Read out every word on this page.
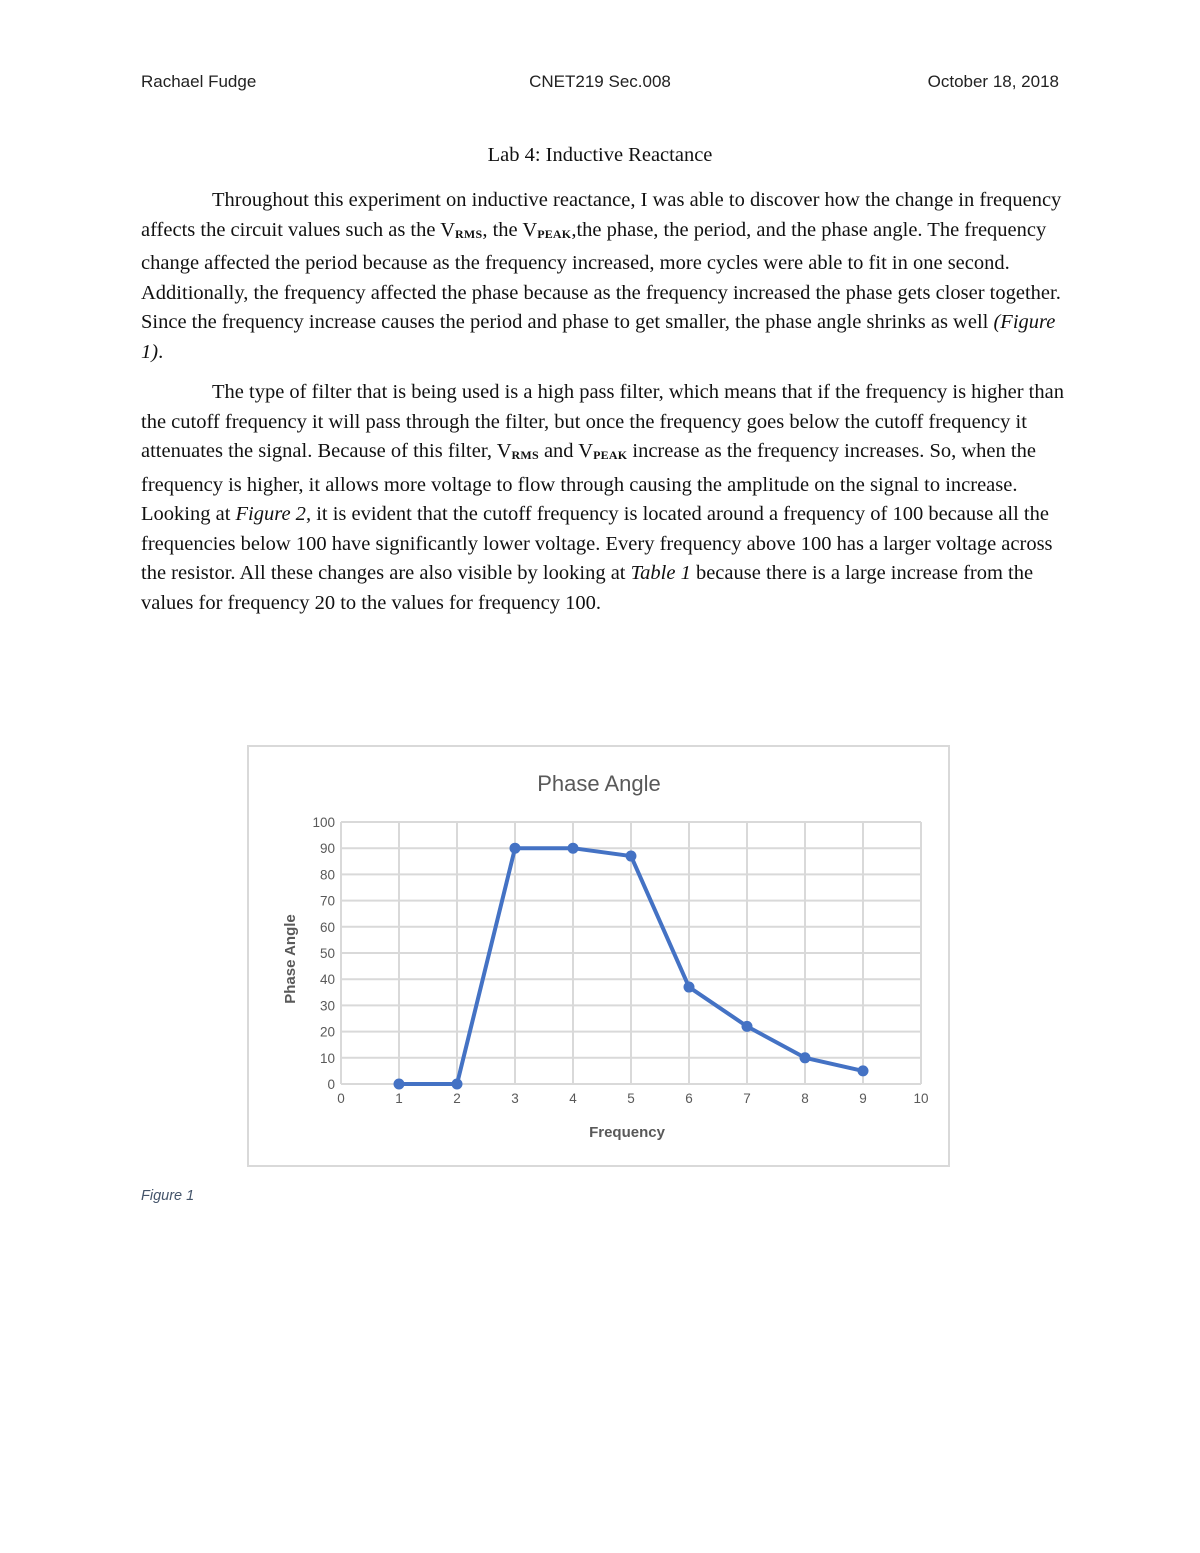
Rachael Fudge	CNET219 Sec.008	October 18, 2018
Lab 4: Inductive Reactance

Throughout this experiment on inductive reactance, I was able to discover how the change in frequency affects the circuit values such as the $V_{RMS}$, the $V_{PEAK},the$ phase, the period, and the phase angle. The frequency change affected the period because as the frequency increased, more cycles were able to fit in one second. Additionally, the frequency affected the phase because as the frequency increased the phase gets closer together. Since the frequency increase causes the period and phase to get smaller, the phase angle shrinks as well (Figure 1).

The type of filter that is being used is a high pass filter, which means that if the frequency is higher than the cutoff frequency it will pass through the filter, but once the frequency goes below the cutoff frequency it attenuates the signal. Because of this filter, $V_{RMS}$ and $V_{PEAK}$ increase as the frequency increases. So, when the frequency is higher, it allows more voltage to flow through causing the amplitude on the signal to increase. Looking at Figure 2, it is evident that the cutoff frequency is located around a frequency of 100 because all the frequencies below 100 have significantly lower voltage. Every frequency above 100 has a larger voltage across the resistor. All these changes are also visible by looking at Table 1 because there is a large increase from the values for frequency 20 to the values for frequency 100.

0
10
20
30
40
50
60
70
80
90
100
0	1	2	3	4	5	6	7	8	9	10
Phase Angle
Frequency
Phase Angle
Figure 1
